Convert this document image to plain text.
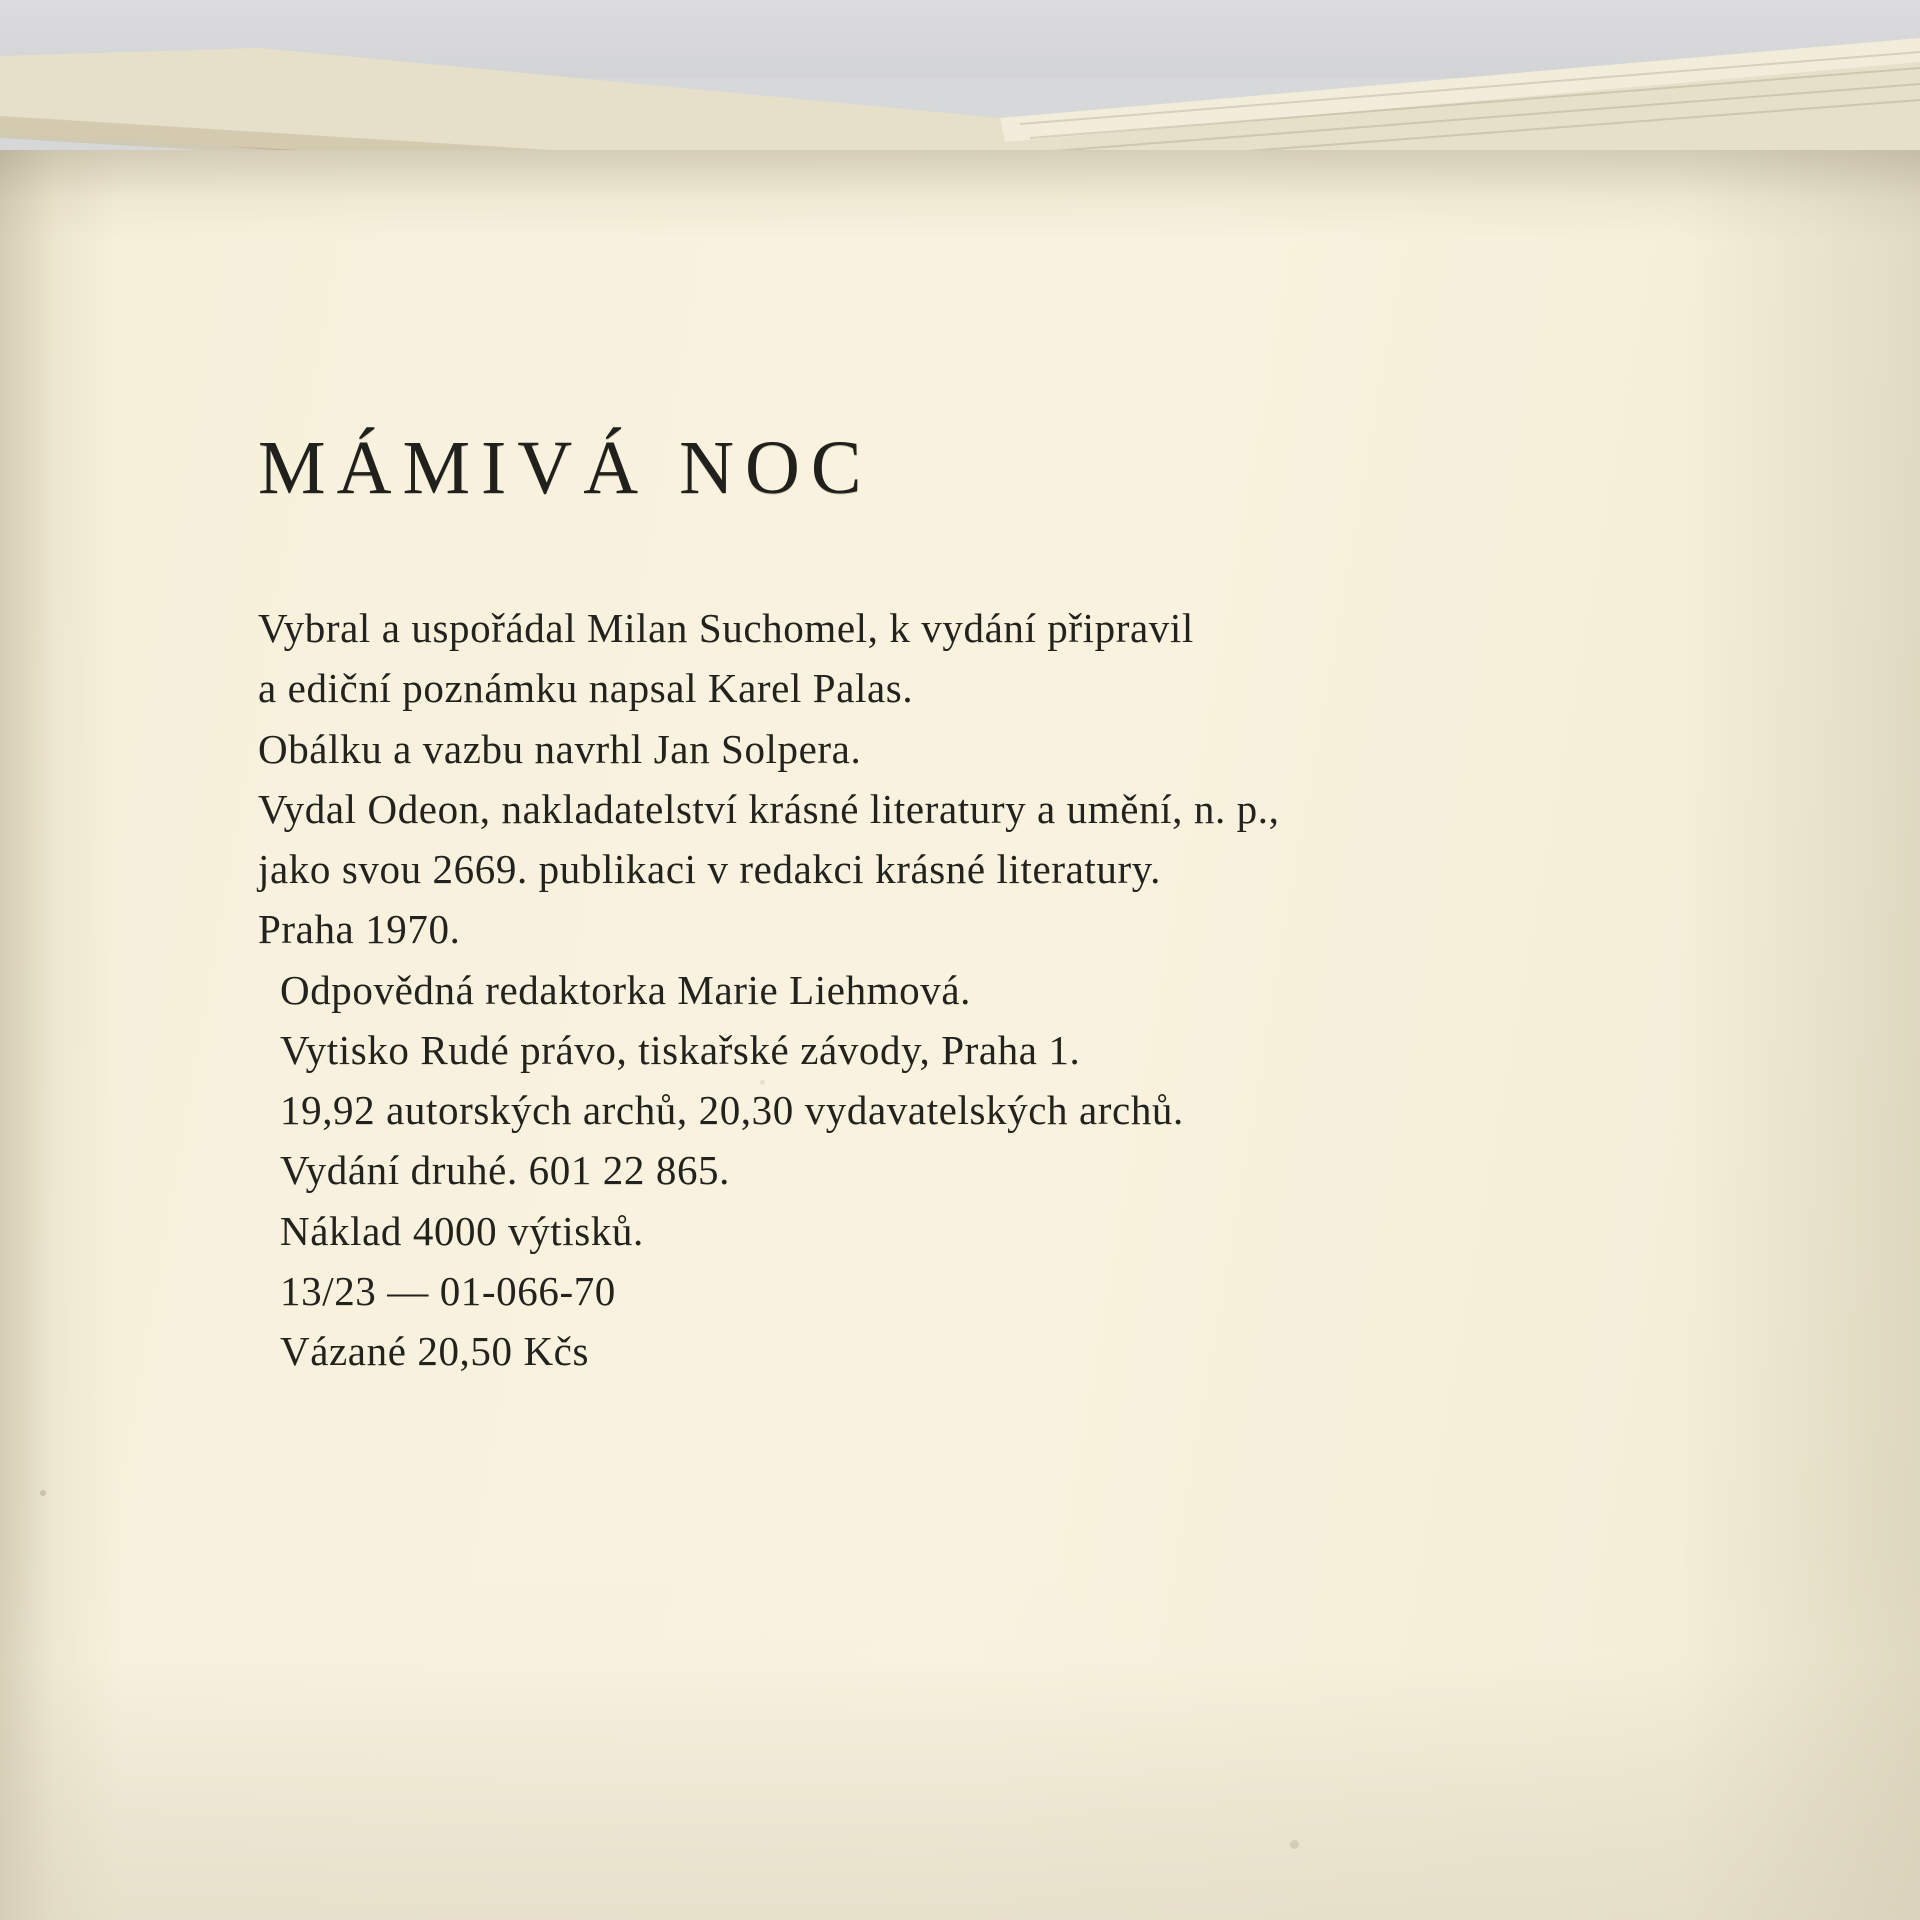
MÁMIVÁ NOC
Vybral a uspořádal Milan Suchomel, k vydání připravil
a ediční poznámku napsal Karel Palas.
Obálku a vazbu navrhl Jan Solpera.
Vydal Odeon, nakladatelství krásné literatury a umění, n. p.,
jako svou 2669. publikaci v redakci krásné literatury.
Praha 1970.
Odpovědná redaktorka Marie Liehmová.
Vytisko Rudé právo, tiskařské závody, Praha 1.
19,92 autorských archů, 20,30 vydavatelských archů.
Vydání druhé. 601 22 865.
Náklad 4000 výtisků.
13/23 — 01-066-70
Vázané 20,50 Kčs
